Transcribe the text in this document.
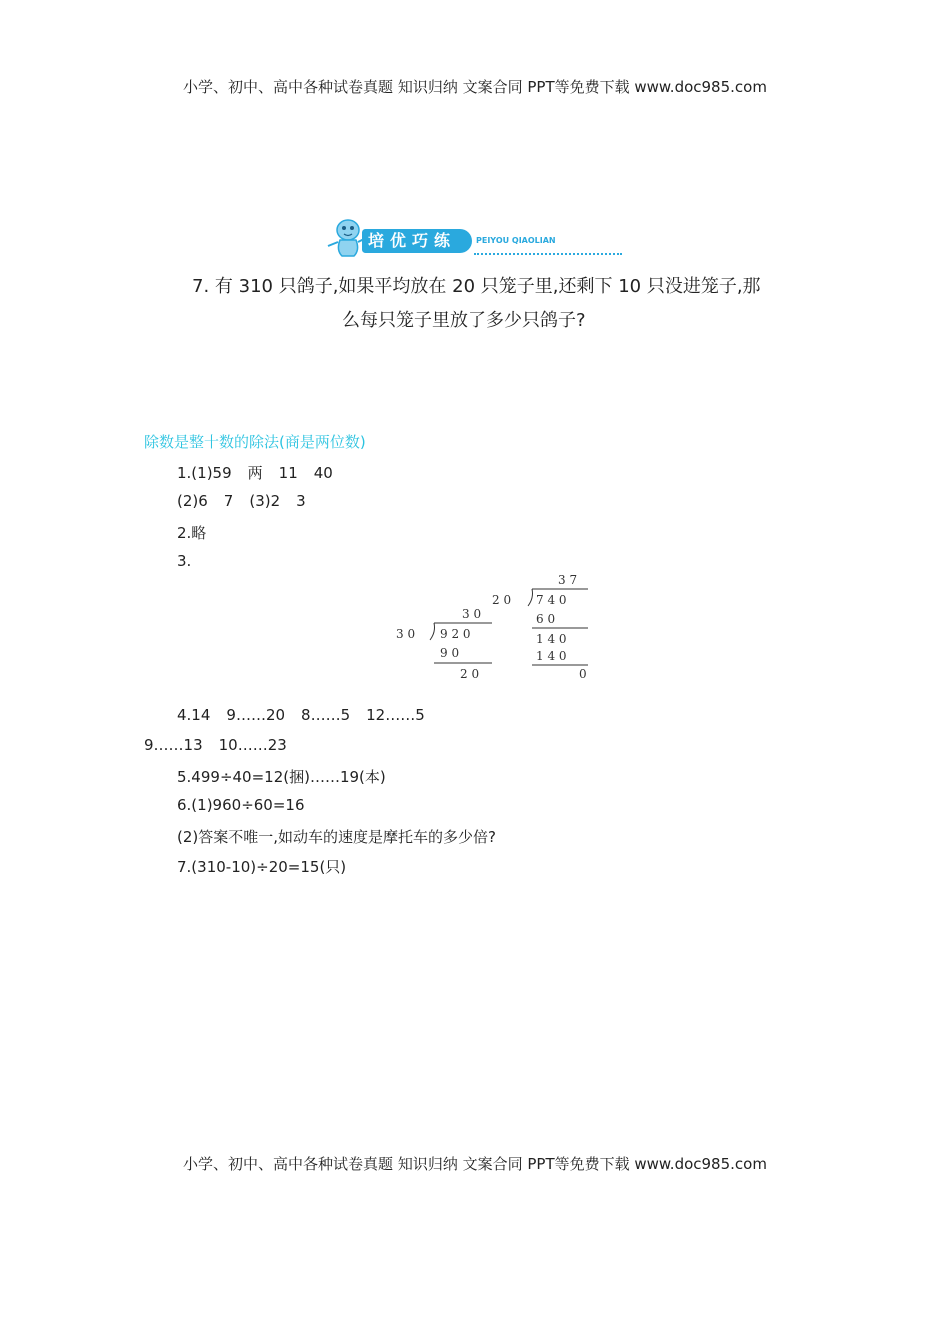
小学、初中、高中各种试卷真题 知识归纳 文案合同 PPT等免费下载 www.doc985.com
培优巧练 PEIYOU QIAOLIAN
7. 有 310 只鸽子,如果平均放在 20 只笼子里,还剩下 10 只没进笼子,那
么每只笼子里放了多少只鸽子?
除数是整十数的除法(商是两位数)
1.(1)59 两 11 40
(2)6 7 (3)2 3
2.略
3.
3 0
3 0 9 2 0
9 0
2 0
3 7
2 0 7 4 0
6 0
1 4 0
1 4 0
0
4.14 9……20 8……5 12……5
9……13 10……23
5.499÷40=12(捆)……19(本)
6.(1)960÷60=16
(2)答案不唯一,如动车的速度是摩托车的多少倍?
7.(310-10)÷20=15(只)
小学、初中、高中各种试卷真题 知识归纳 文案合同 PPT等免费下载 www.doc985.com
